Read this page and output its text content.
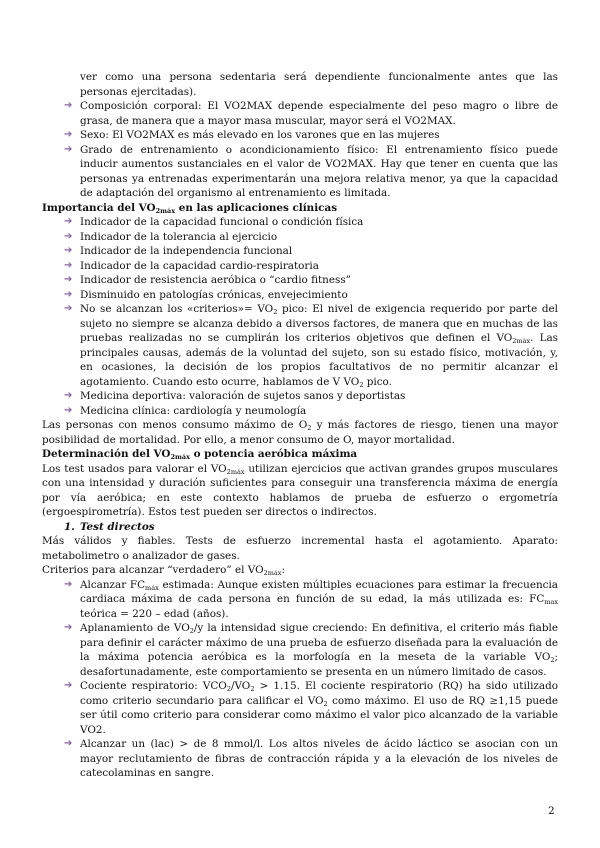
ver como una persona sedentaria será dependiente funcionalmente antes que las personas ejercitadas).
➔ Composición corporal: El VO2MAX depende especialmente del peso magro o libre de grasa, de manera que a mayor masa muscular, mayor será el VO2MAX.
➔ Sexo: El VO2MAX es más elevado en los varones que en las mujeres
➔ Grado de entrenamiento o acondicionamiento físico: El entrenamiento físico puede inducir aumentos sustanciales en el valor de VO2MAX. Hay que tener en cuenta que las personas ya entrenadas experimentarán una mejora relativa menor, ya que la capacidad de adaptación del organismo al entrenamiento es limitada.
Importancia del $VO_{2máx}$ en las aplicaciones clínicas
➔ Indicador de la capacidad funcional o condición física
➔ Indicador de la tolerancia al ejercicio
➔ Indicador de la independencia funcional
➔ Indicador de la capacidad cardio-respiratoria
➔ Indicador de resistencia aeróbica o “cardio fitness”
➔ Disminuido en patologías crónicas, envejecimiento
➔ No se alcanzan los «criterios»= $VO_2$ pico: El nivel de exigencia requerido por parte del sujeto no siempre se alcanza debido a diversos factores, de manera que en muchas de las pruebas realizadas no se cumplirán los criterios objetivos que definen el $VO_{2máx}$. Las principales causas, además de la voluntad del sujeto, son su estado físico, motivación, y, en ocasiones, la decisión de los propios facultativos de no permitir alcanzar el agotamiento. Cuando esto ocurre, hablamos de V $VO_2$ pico.
➔ Medicina deportiva: valoración de sujetos sanos y deportistas
➔ Medicina clínica: cardiología y neumología
Las personas con menos consumo máximo de $O_2$ y más factores de riesgo, tienen una mayor posibilidad de mortalidad. Por ello, a menor consumo de O, mayor mortalidad.
Determinación del $VO_{2máx}$ o potencia aeróbica máxima
Los test usados para valorar el $VO_{2máx}$ utilizan ejercicios que activan grandes grupos musculares con una intensidad y duración suficientes para conseguir una transferencia máxima de energía por vía aeróbica; en este contexto hablamos de prueba de esfuerzo o ergometría (ergoespirometría). Estos test pueden ser directos o indirectos.
1. Test directos
Más válidos y fiables. Tests de esfuerzo incremental hasta el agotamiento. Aparato: metabolimetro o analizador de gases.
Criterios para alcanzar “verdadero” el $VO_{2máx}$:
➔ Alcanzar $FC_{máx}$ estimada: Aunque existen múltiples ecuaciones para estimar la frecuencia cardiaca máxima de cada persona en función de su edad, la más utilizada es: $FC_{max}$ teórica = 220 – edad (años).
➔ Aplanamiento de $VO_2/y$ la intensidad sigue creciendo: En definitiva, el criterio más fiable para definir el carácter máximo de una prueba de esfuerzo diseñada para la evaluación de la máxima potencia aeróbica es la morfología en la meseta de la variable $VO_2$; desafortunadamente, este comportamiento se presenta en un número limitado de casos.
➔ Cociente respiratorio: $VCO_2/VO_2 > 1.15$. El cociente respiratorio (RQ) ha sido utilizado como criterio secundario para calificar el $VO_2$ como máximo. El uso de RQ ≥1,15 puede ser útil como criterio para considerar como máximo el valor pico alcanzado de la variable VO2.
➔ Alcanzar un (lac) > de 8 mmol/l. Los altos niveles de ácido láctico se asocian con un mayor reclutamiento de fibras de contracción rápida y a la elevación de los niveles de catecolaminas en sangre.
2
